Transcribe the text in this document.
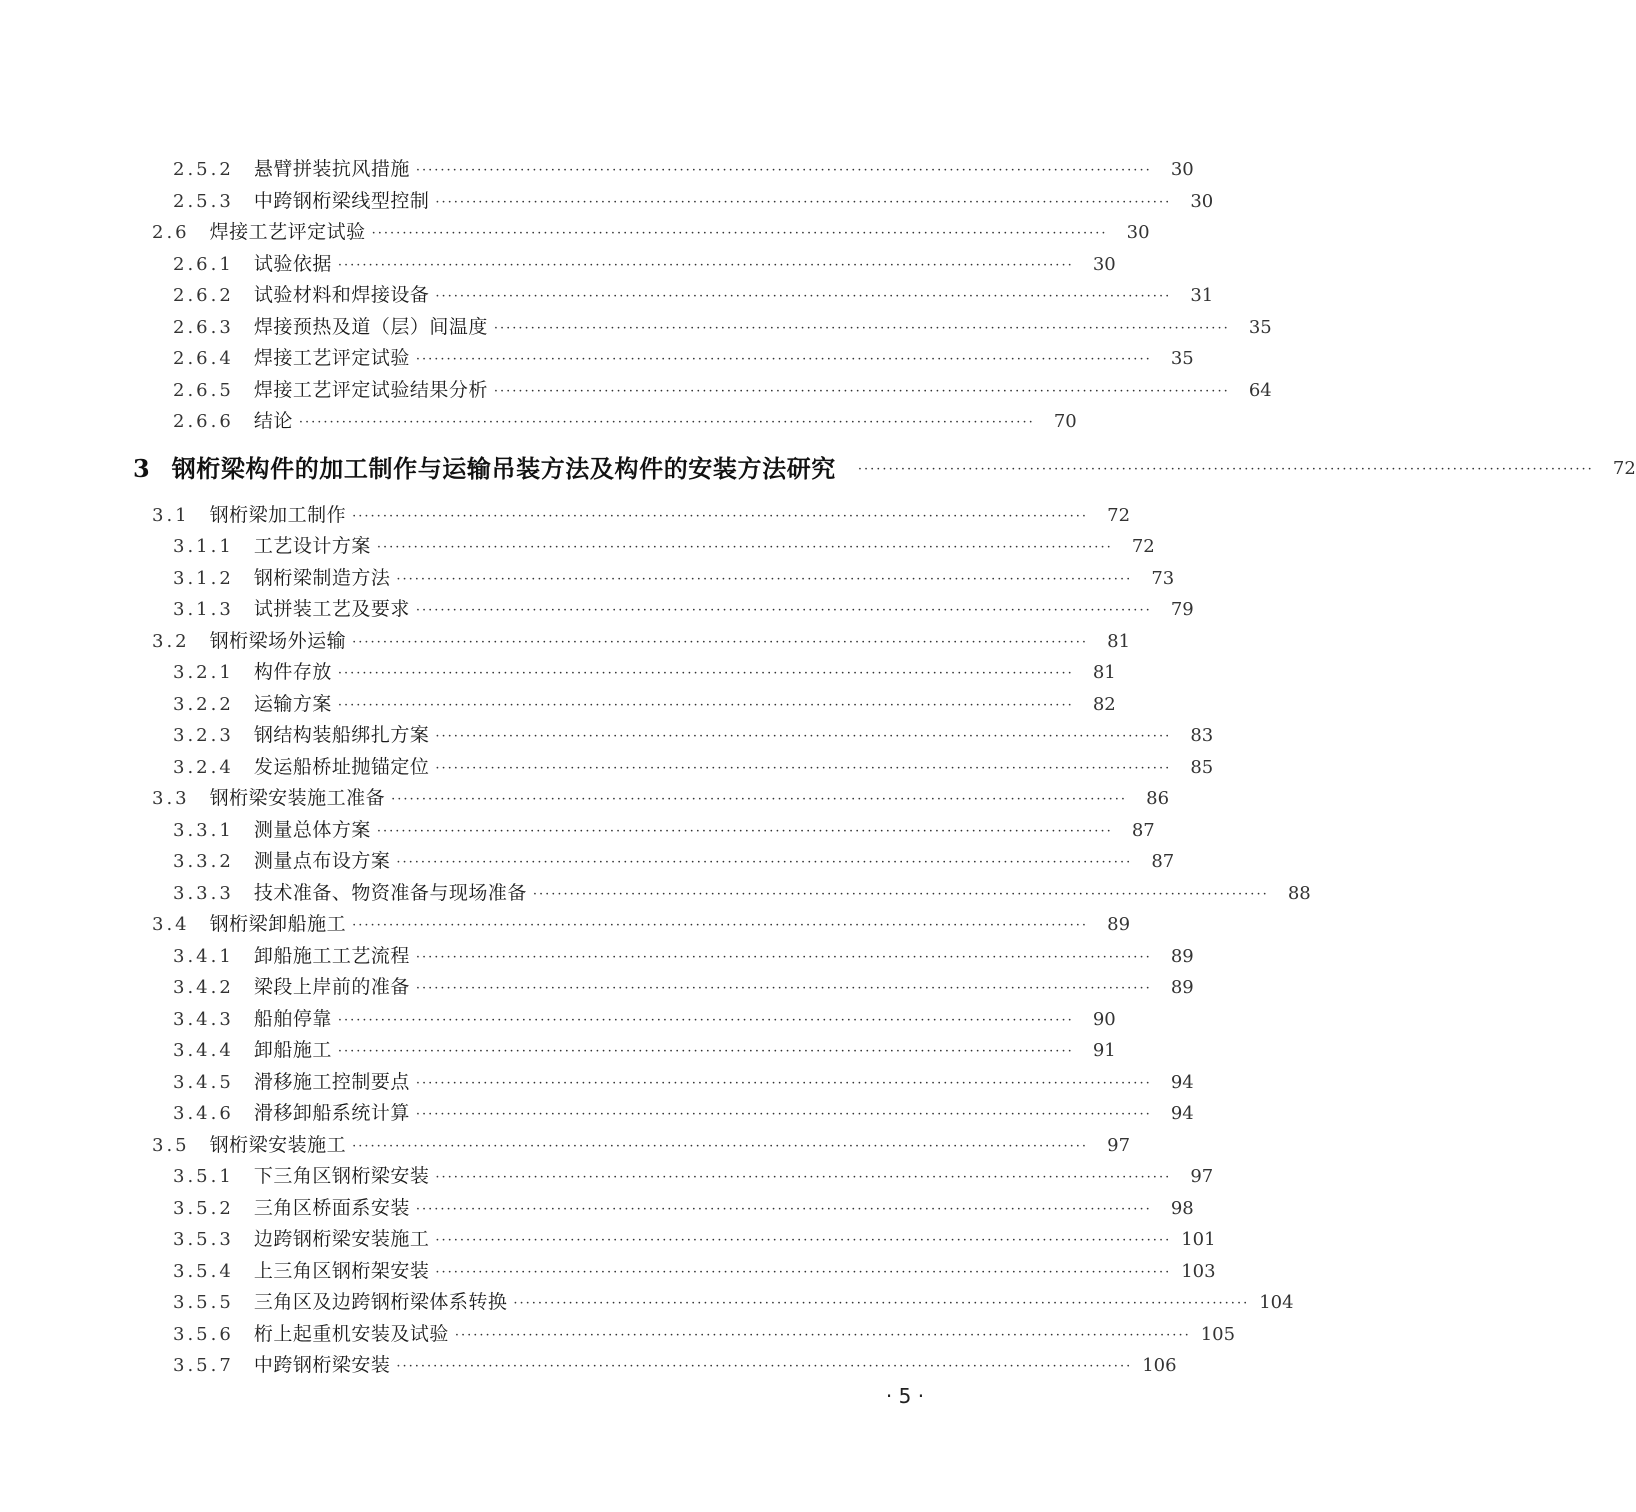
2.5.2 悬臂拼装抗风措施 ························································································································	30
2.5.3 中跨钢桁梁线型控制 ························································································································	30
2.6 焊接工艺评定试验 ························································································································	30
2.6.1 试验依据 ························································································································	30
2.6.2 试验材料和焊接设备 ························································································································	31
2.6.3 焊接预热及道（层）间温度 ························································································································	35
2.6.4 焊接工艺评定试验 ························································································································	35
2.6.5 焊接工艺评定试验结果分析 ························································································································	64
2.6.6 结论 ························································································································	70
3 钢桁梁构件的加工制作与运输吊装方法及构件的安装方法研究 ························································································································	72
3.1 钢桁梁加工制作 ························································································································	72
3.1.1 工艺设计方案 ························································································································	72
3.1.2 钢桁梁制造方法 ························································································································	73
3.1.3 试拼装工艺及要求 ························································································································	79
3.2 钢桁梁场外运输 ························································································································	81
3.2.1 构件存放 ························································································································	81
3.2.2 运输方案 ························································································································	82
3.2.3 钢结构装船绑扎方案 ························································································································	83
3.2.4 发运船桥址抛锚定位 ························································································································	85
3.3 钢桁梁安装施工准备 ························································································································	86
3.3.1 测量总体方案 ························································································································	87
3.3.2 测量点布设方案 ························································································································	87
3.3.3 技术准备、物资准备与现场准备 ························································································································	88
3.4 钢桁梁卸船施工 ························································································································	89
3.4.1 卸船施工工艺流程 ························································································································	89
3.4.2 梁段上岸前的准备 ························································································································	89
3.4.3 船舶停靠 ························································································································	90
3.4.4 卸船施工 ························································································································	91
3.4.5 滑移施工控制要点 ························································································································	94
3.4.6 滑移卸船系统计算 ························································································································	94
3.5 钢桁梁安装施工 ························································································································	97
3.5.1 下三角区钢桁梁安装 ························································································································	97
3.5.2 三角区桥面系安装 ························································································································	98
3.5.3 边跨钢桁梁安装施工 ························································································································ 101
3.5.4 上三角区钢桁架安装 ························································································································ 103
3.5.5 三角区及边跨钢桁梁体系转换 ························································································································ 104
3.5.6 桁上起重机安装及试验 ························································································································ 105
3.5.7 中跨钢桁梁安装 ························································································································ 106
· 5 ·
